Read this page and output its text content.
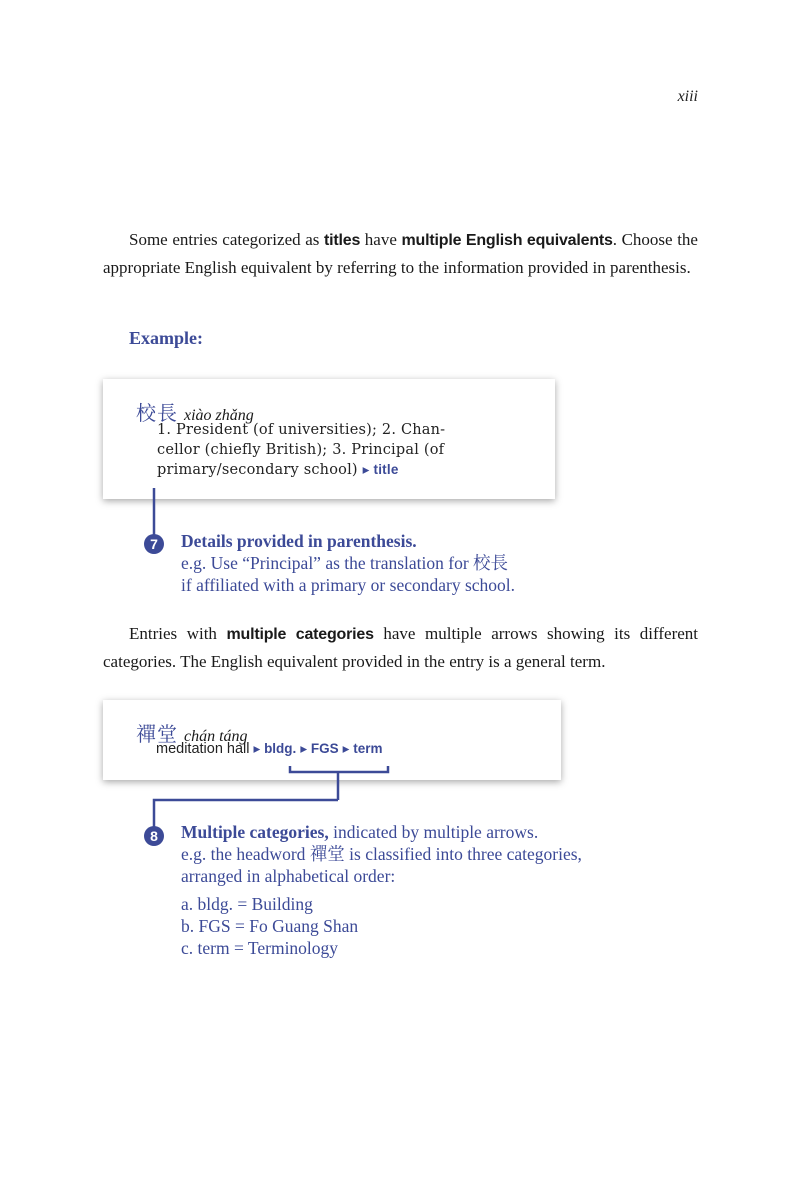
xiii
Some entries categorized as titles have multiple English equivalents. Choose the appropriate English equivalent by referring to the information provided in parenthesis.
Example:
校長 xiào zhǎng
1. President (of universities); 2. Chan-
cellor (chiefly British); 3. Principal (of
primary/secondary school) ▸ title
7	Details provided in parenthesis.
e.g. Use “Principal” as the translation for 校長
if affiliated with a primary or secondary school.
Entries with multiple categories have multiple arrows showing its different categories. The English equivalent provided in the entry is a general term.
禪堂 chán táng
meditation hall ▸ bldg. ▸ FGS ▸ term
8	Multiple categories, indicated by multiple arrows.
e.g. the headword 禪堂 is classified into three categories,
arranged in alphabetical order:
a. bldg. = Building
b. FGS = Fo Guang Shan
c. term = Terminology
